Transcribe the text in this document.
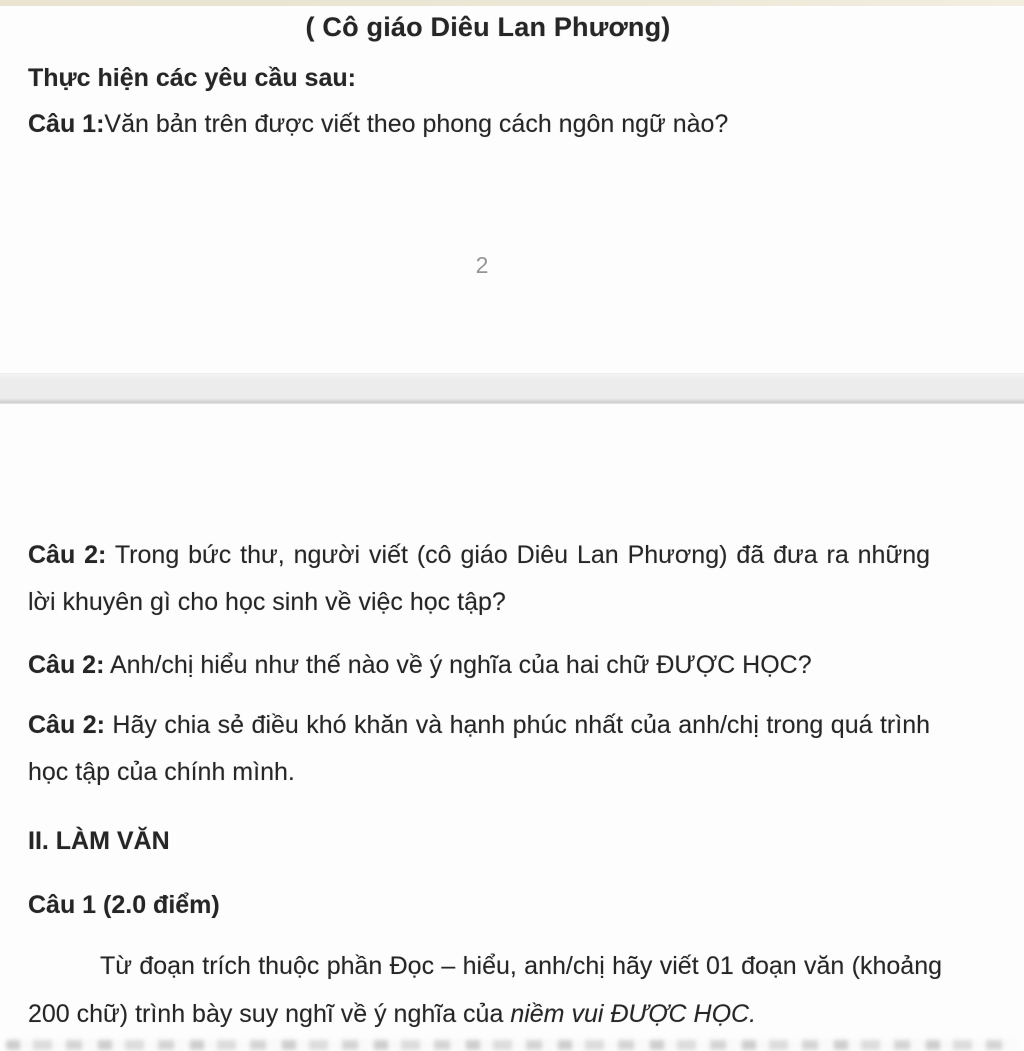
( Cô giáo Diêu Lan Phương)
Thực hiện các yêu cầu sau:
Câu 1:Văn bản trên được viết theo phong cách ngôn ngữ nào?
2
Câu 2: Trong bức thư, người viết (cô giáo Diêu Lan Phương) đã đưa ra những lời khuyên gì cho học sinh về việc học tập?
Câu 2: Anh/chị hiểu như thế nào về ý nghĩa của hai chữ ĐƯỢC HỌC?
Câu 2: Hãy chia sẻ điều khó khăn và hạnh phúc nhất của anh/chị trong quá trình học tập của chính mình.
II. LÀM VĂN
Câu 1 (2.0 điểm)
Từ đoạn trích thuộc phần Đọc – hiểu, anh/chị hãy viết 01 đoạn văn (khoảng 200 chữ) trình bày suy nghĩ về ý nghĩa của niềm vui ĐƯỢC HỌC.
